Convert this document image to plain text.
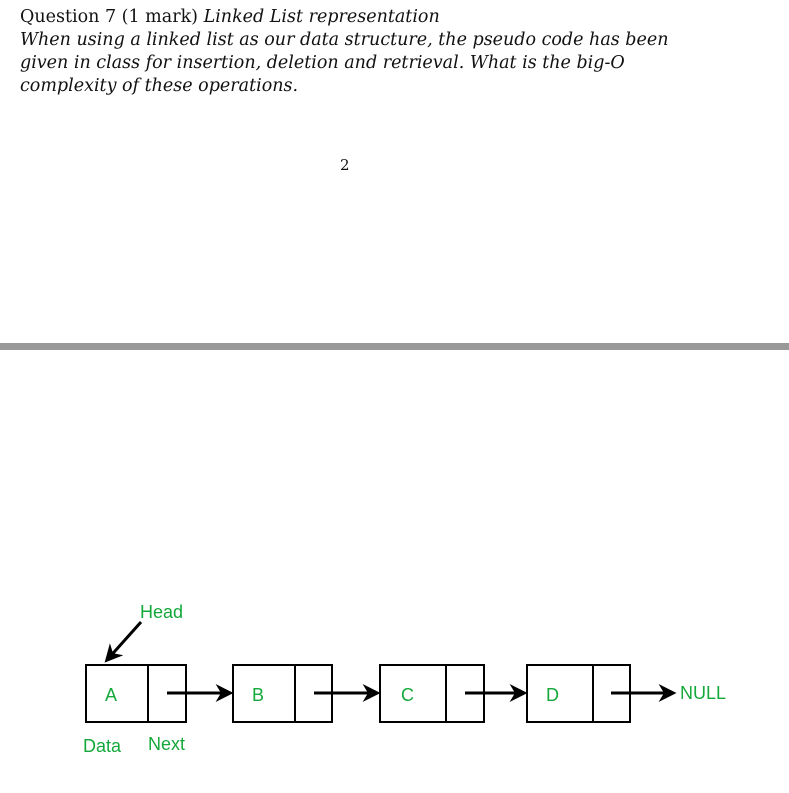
Question 7 (1 mark) Linked List representation
When using a linked list as our data structure, the pseudo code has been given in class for insertion, deletion and retrieval. What is the big-O complexity of these operations.
2
Head
A	B	C	D	NULL
Data Next
